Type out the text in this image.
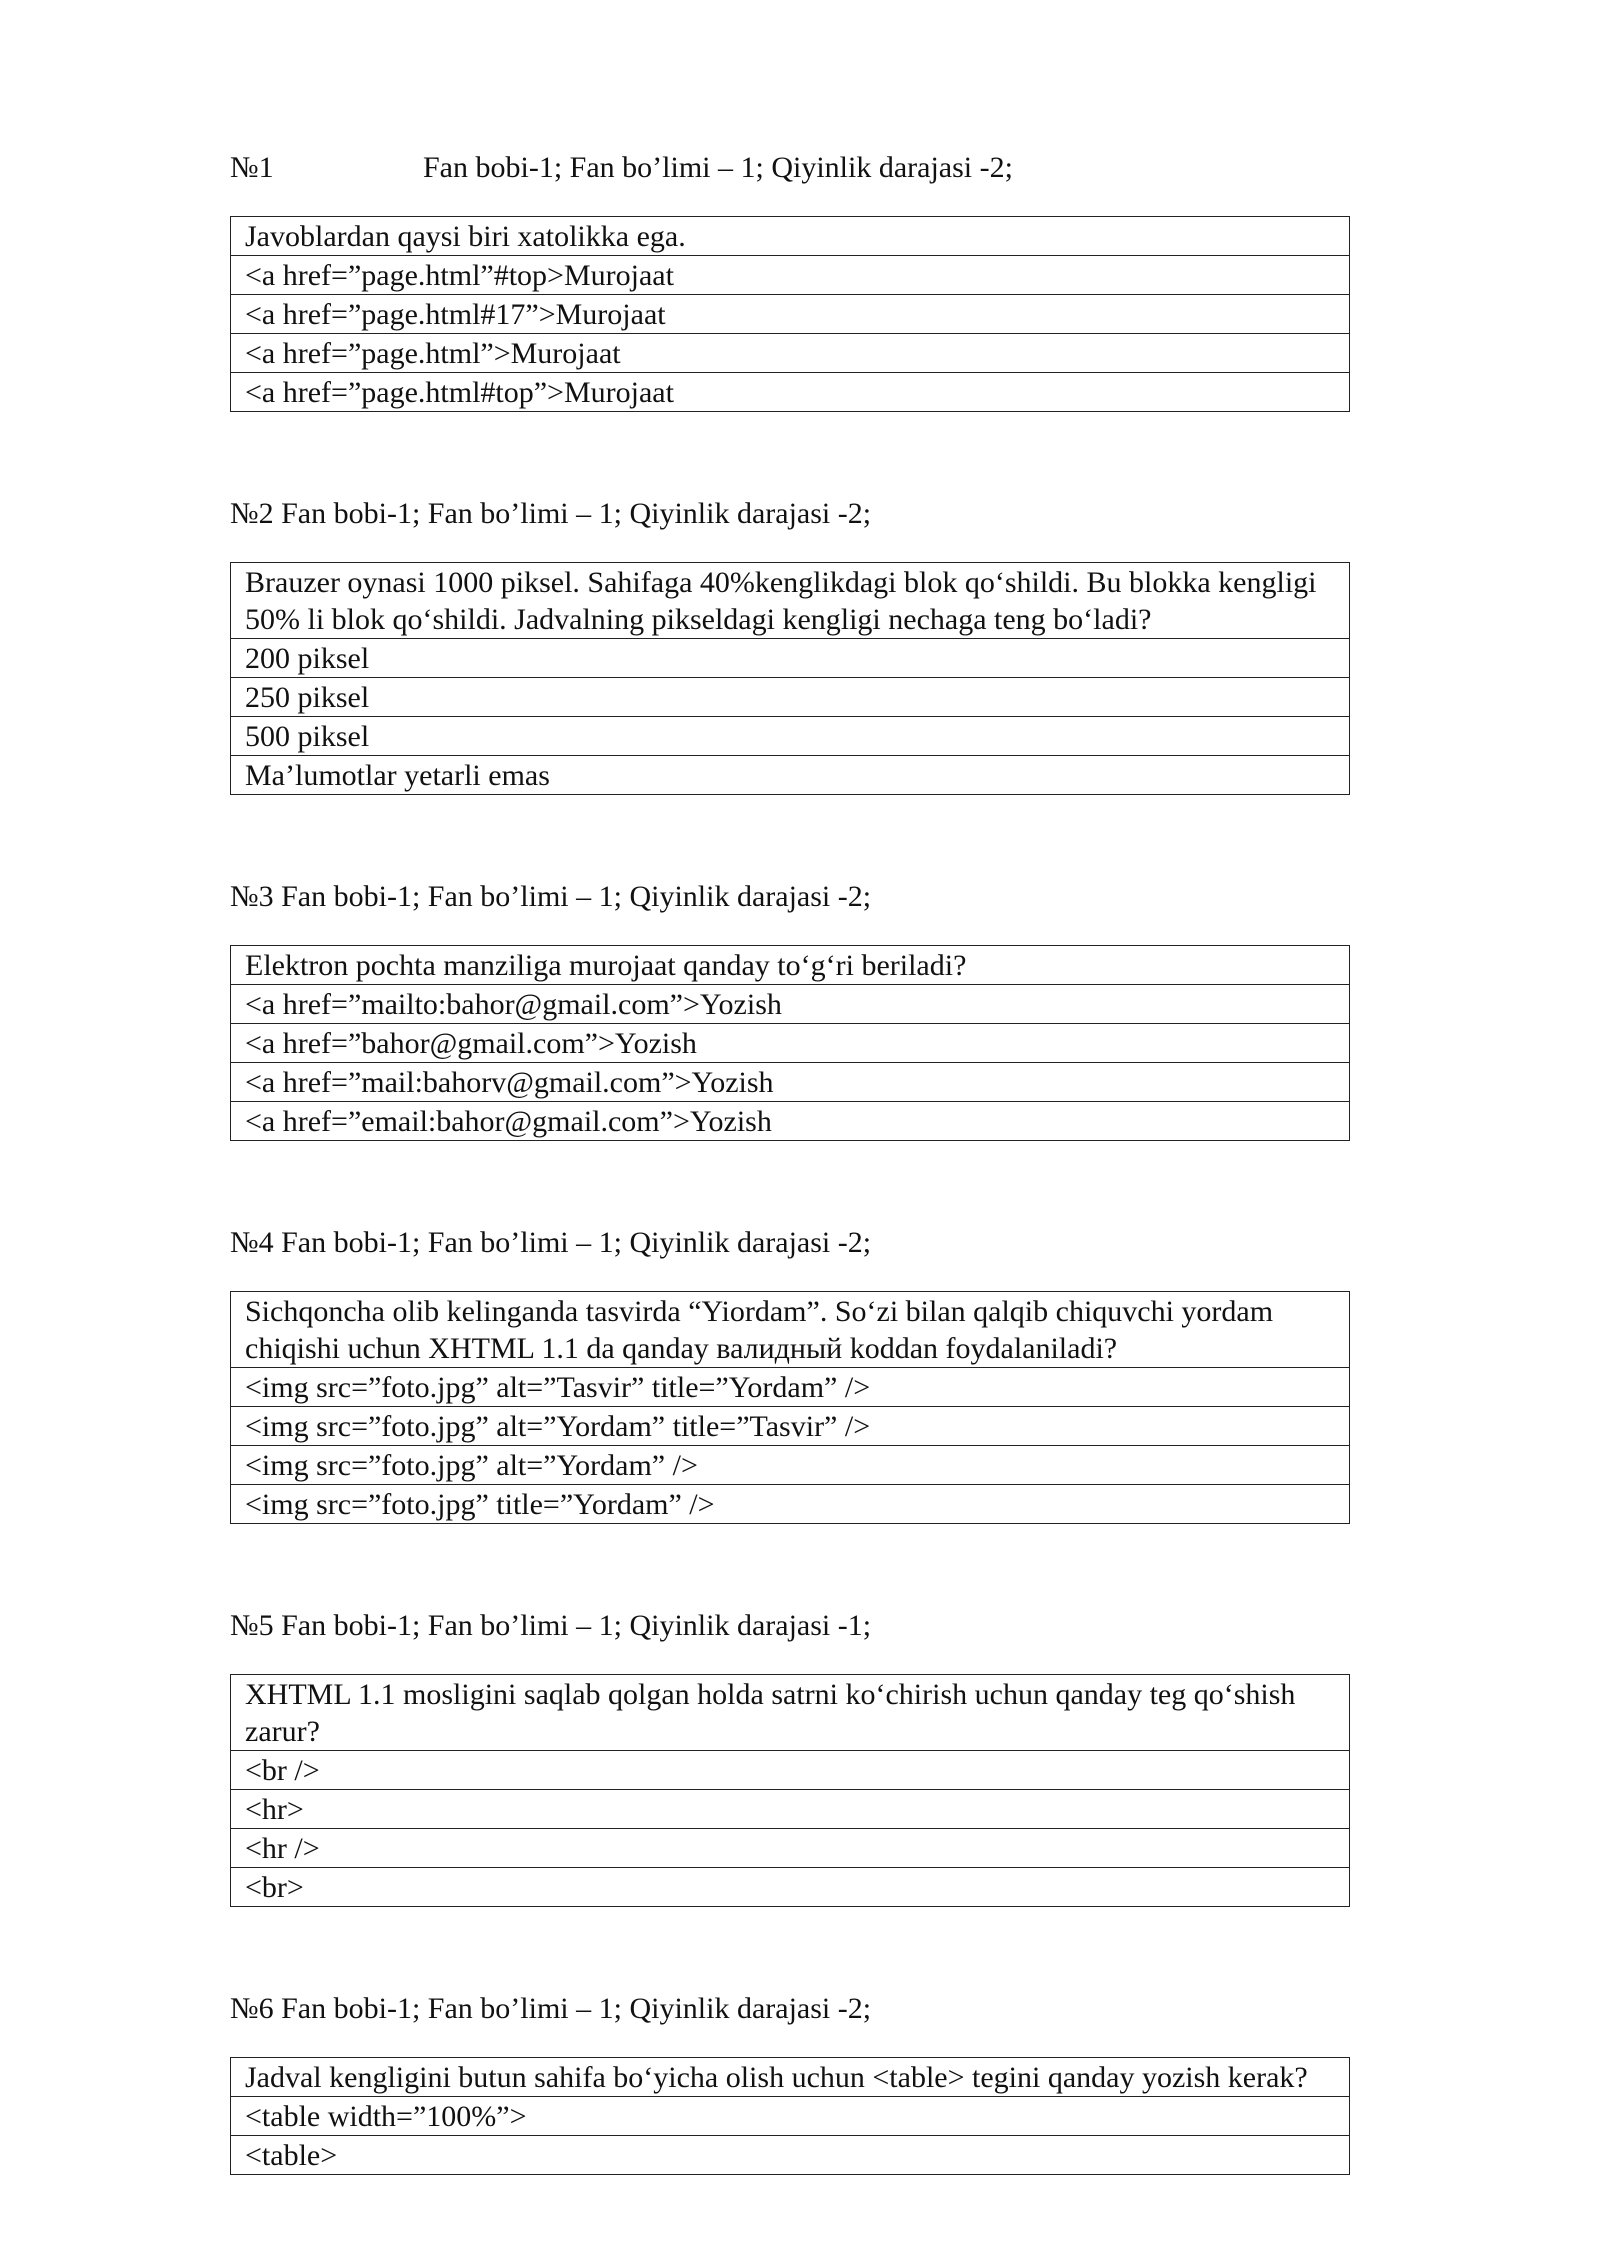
№1	Fan bobi-1; Fan bo’limi – 1; Qiyinlik darajasi -2;
Javoblardan qaysi biri xatolikka ega.
<a href=”page.html”#top>Murojaat
<a href=”page.html#17”>Murojaat
<a href=”page.html”>Murojaat
<a href=”page.html#top”>Murojaat
№2 Fan bobi-1; Fan bo’limi – 1; Qiyinlik darajasi -2;
Brauzer oynasi 1000 piksel. Sahifaga 40%kenglikdagi blok qo‘shildi. Bu blokka kengligi 50% li blok qo‘shildi. Jadvalning pikseldagi kengligi nechaga teng bo‘ladi?
200 piksel
250 piksel
500 piksel
Ma’lumotlar yetarli emas
№3 Fan bobi-1; Fan bo’limi – 1; Qiyinlik darajasi -2;
Elektron pochta manziliga murojaat qanday to‘g‘ri beriladi?
<a href=”mailto:bahor@gmail.com”>Yozish
<a href=”bahor@gmail.com”>Yozish
<a href=”mail:bahorv@gmail.com”>Yozish
<a href=”email:bahor@gmail.com”>Yozish
№4 Fan bobi-1; Fan bo’limi – 1; Qiyinlik darajasi -2;
Sichqoncha olib kelinganda tasvirda “Yiordam”. So‘zi bilan qalqib chiquvchi yordam chiqishi uchun XHTML 1.1 da qanday валидный koddan foydalaniladi?
<img src=”foto.jpg” alt=”Tasvir” title=”Yordam” />
<img src=”foto.jpg” alt=”Yordam” title=”Tasvir” />
<img src=”foto.jpg” alt=”Yordam” />
<img src=”foto.jpg” title=”Yordam” />
№5 Fan bobi-1; Fan bo’limi – 1; Qiyinlik darajasi -1;
XHTML 1.1 mosligini saqlab qolgan holda satrni ko‘chirish uchun qanday teg qo‘shish zarur?
<br />
<hr>
<hr />
<br>
№6 Fan bobi-1; Fan bo’limi – 1; Qiyinlik darajasi -2;
Jadval kengligini butun sahifa bo‘yicha olish uchun <table> tegini qanday yozish kerak?
<table width=”100%”>
<table>
